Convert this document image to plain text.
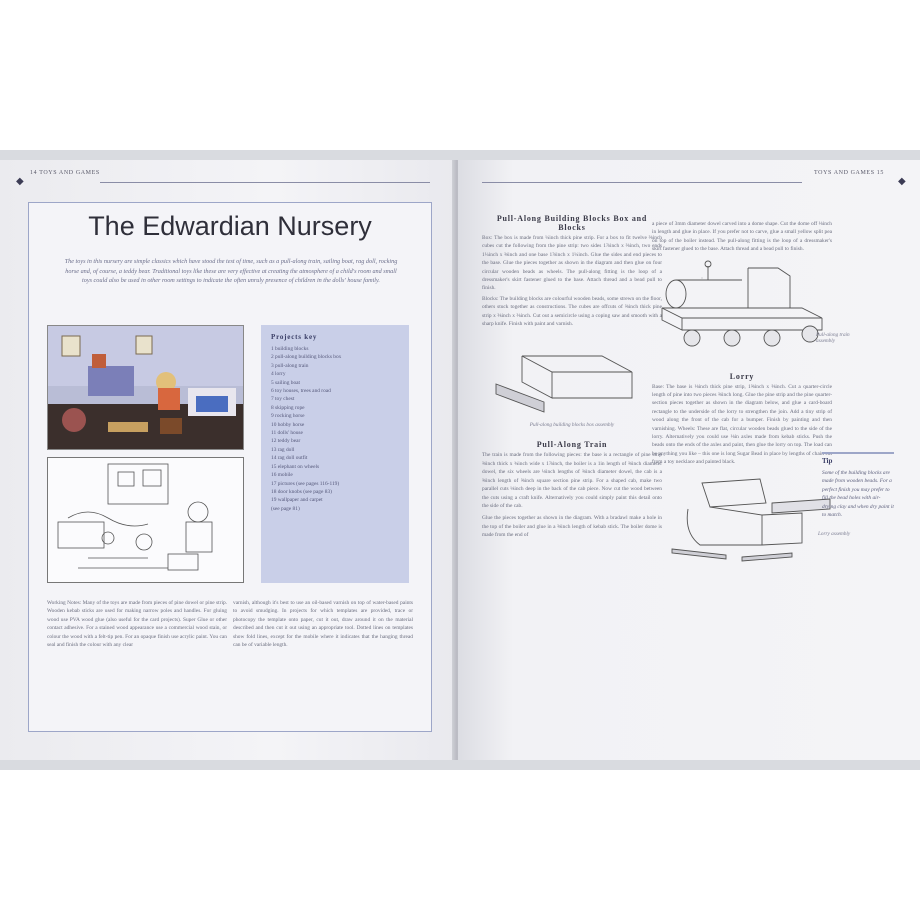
◆
14 TOYS AND GAMES
The Edwardian Nursery
The toys in this nursery are simple classics which have stood the test of time, such as a pull-along train, sailing boat, rag doll, rocking horse and, of course, a teddy bear. Traditional toys like these are very effective at creating the atmosphere of a child's room and small toys could also be used in other room settings to indicate the often unruly presence of children in the dolls' house family.
Projects key
1 building blocks
2 pull-along building blocks box
3 pull-along train
4 lorry
5 sailing boat
6 toy houses, trees and road
7 toy chest
8 skipping rope
9 rocking horse
10 hobby horse
11 dolls' house
12 teddy bear
13 rag doll
14 rag doll outfit
15 elephant on wheels
16 mobile
17 pictures (see pages 116-119)
18 door knobs (see page 83)
19 wallpaper and carpet
(see page 81)
Working Notes: Many of the toys are made from pieces of pine dowel or pine strip. Wooden kebab sticks are used for making narrow poles and handles. For gluing wood use PVA wood glue (also useful for the card projects). Super Glue or other contact adhesive. For a stained wood appearance use a commercial wood stain, or colour the wood with a felt-tip pen. For an opaque finish use acrylic paint. You can seal and finish the colour with any clear
varnish, although it's best to use an oil-based varnish on top of water-based paints to avoid smudging. In projects for which templates are provided, trace or photocopy the template onto paper, cut it out, draw around it on the material described and then cut it out using an appropriate tool. Dotted lines on templates show fold lines, except for the mobile where it indicates that the hanging thread can be of variable length.
TOYS AND GAMES 15
◆
Pull-Along Building Blocks Box and Blocks
Box: The box is made from ¼inch thick pine strip. For a box to fit twelve ⅜inch cubes cut the following from the pine strip: two sides 1⅞inch x ⅜inch, two ends 1¼inch x ⅜inch and one base 1⅞inch x 1¼inch. Glue the sides and end pieces to the base. Glue the pieces together as shown in the diagram and then glue on four circular wooden beads as wheels. The pull-along fitting is the loop of a dressmaker's skirt fastener glued to the base. Attach thread and a bead pull to finish.
Blocks: The building blocks are colourful wooden beads, some strewn on the floor, others stuck together as constructions. The cubes are offcuts of ⅜inch thick pine strip x ⅜inch x ⅜inch. Cut out a semicircle using a coping saw and smooth with a sharp knife. Finish with paint and varnish.
Pull-along building blocks box assembly
Pull-Along Train
The train is made from the following pieces: the base is a rectangle of pine strip ⅜inch thick x ¾inch wide x 1⅞inch, the boiler is a 1in length of ⅜inch diameter dowel, the six wheels are ⅛inch lengths of ⅜inch diameter dowel, the cab is a ⅝inch length of ⅝inch square section pine strip. For a shaped cab, make two parallel cuts ⅛inch deep in the back of the cab piece. Now cut the wood between the cuts using a craft knife. Alternatively you could simply paint this detail onto the side of the cab.
Glue the pieces together as shown in the diagram. With a bradawl make a hole in the top of the boiler and glue in a ⅜inch length of kebab stick. The boiler dome is made from the end of
a piece of 3mm diameter dowel carved into a dome shape. Cut the dome off ⅛inch in length and glue in place. If you prefer not to carve, glue a small yellow split pea on top of the boiler instead. The pull-along fitting is the loop of a dressmaker's skirt fastener glued to the base. Attach thread and a bead pull to finish.
Pull-along train assembly
Lorry
Base: The base is ⅛inch thick pine strip, 1⅝inch x ⅝inch. Cut a quarter-circle length of pine into two pieces ⅜inch long. Glue the pine strip and the pine quarter-section pieces together as shown in the diagram below, and glue a card-board rectangle to the underside of the lorry to strengthen the join. Add a tiny strip of wood along the front of the cab for a bumper. Finish by painting and then varnishing. Wheels: These are flat, circular wooden beads glued to the side of the lorry. Alternatively you could use ⅛in axles made from kebab sticks. Push the beads onto the ends of the axles and paint, then glue the lorry on top. The load can be anything you like – this one is long Sugar Bead in place by lengths of chain cut from a toy necklace and painted black.
Lorry assembly
Tip
Some of the building blocks are made from wooden beads. For a perfect finish you may prefer to fill the bead holes with air-drying clay and when dry paint it to match.
